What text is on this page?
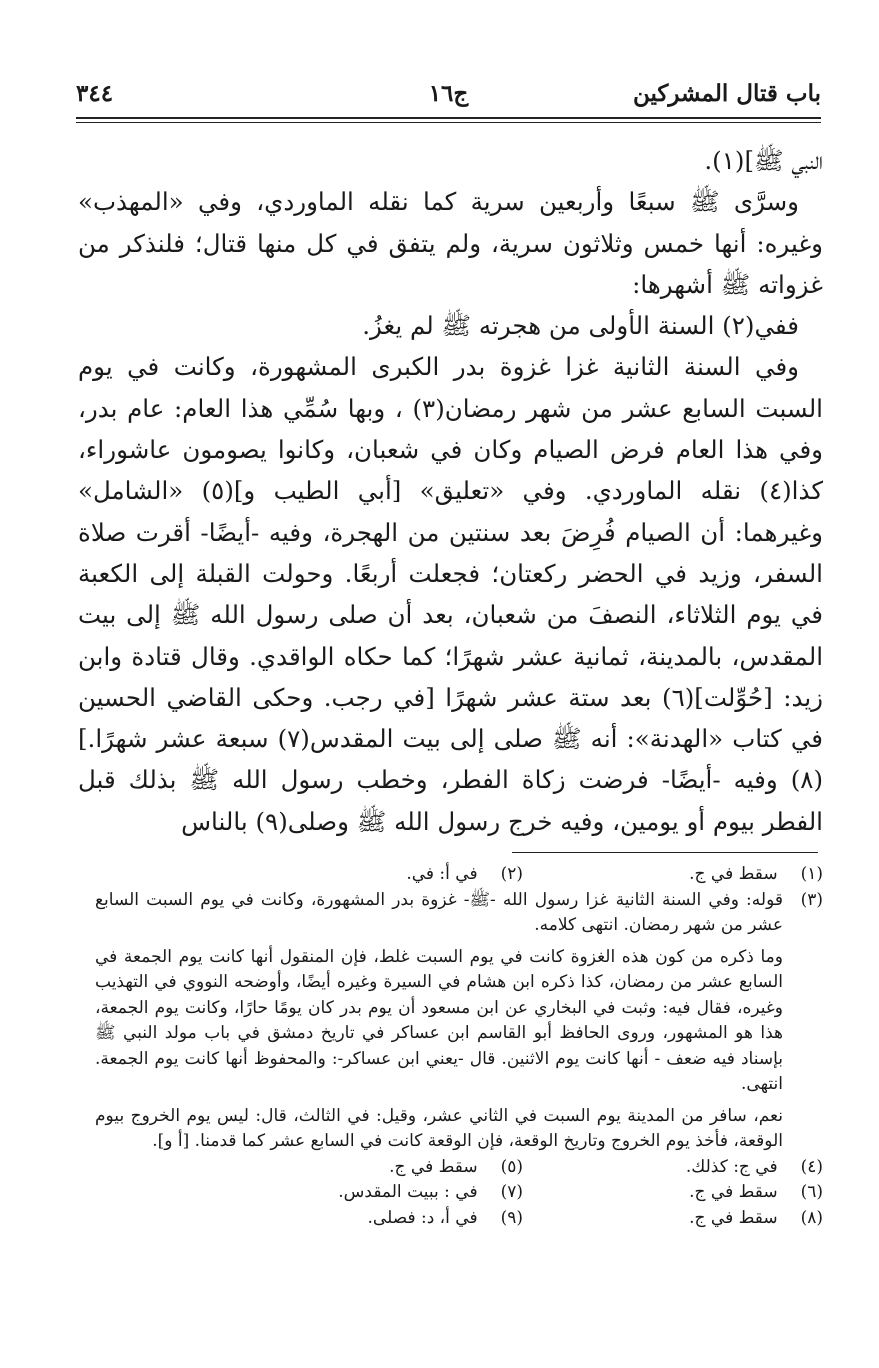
باب قتال المشركين
ج١٦
٣٤٤

النبي ﷺ](١).

وسرَّى ﷺ سبعًا وأربعين سرية كما نقله الماوردي، وفي «المهذب» وغيره: أنها خمس وثلاثون سرية، ولم يتفق في كل منها قتال؛ فلنذكر من غزواته ﷺ أشهرها:

ففي(٢) السنة الأولى من هجرته ﷺ لم يغزُ.

وفي السنة الثانية غزا غزوة بدر الكبرى المشهورة، وكانت في يوم السبت السابع عشر من شهر رمضان(٣) ، وبها سُمِّي هذا العام: عام بدر، وفي هذا العام فرض الصيام وكان في شعبان، وكانوا يصومون عاشوراء، كذا(٤) نقله الماوردي. وفي «تعليق» [أبي الطيب و](٥) «الشامل» وغيرهما: أن الصيام فُرِضَ بعد سنتين من الهجرة، وفيه -أيضًا- أقرت صلاة السفر، وزيد في الحضر ركعتان؛ فجعلت أربعًا. وحولت القبلة إلى الكعبة في يوم الثلاثاء، النصفَ من شعبان، بعد أن صلى رسول الله ﷺ إلى بيت المقدس، بالمدينة، ثمانية عشر شهرًا؛ كما حكاه الواقدي. وقال قتادة وابن زيد: [حُوِّلت](٦) بعد ستة عشر شهرًا [في رجب. وحكى القاضي الحسين في كتاب «الهدنة»: أنه ﷺ صلى إلى بيت المقدس(٧) سبعة عشر شهرًا.](٨) وفيه -أيضًا- فرضت زكاة الفطر، وخطب رسول الله ﷺ بذلك قبل الفطر بيوم أو يومين، وفيه خرج رسول الله ﷺ وصلى(٩) بالناس

(١) سقط في ج.
(٢) في أ: في.
(٣)

قوله: وفي السنة الثانية غزا رسول الله -ﷺ- غزوة بدر المشهورة، وكانت في يوم السبت السابع عشر من شهر رمضان. انتهى كلامه.

وما ذكره من كون هذه الغزوة كانت في يوم السبت غلط، فإن المنقول أنها كانت يوم الجمعة في السابع عشر من رمضان، كذا ذكره ابن هشام في السيرة وغيره أيضًا، وأوضحه النووي في التهذيب وغيره، فقال فيه: وثبت في البخاري عن ابن مسعود أن يوم بدر كان يومًا حارًا، وكانت يوم الجمعة، هذا هو المشهور، وروى الحافظ أبو القاسم ابن عساكر في تاريخ دمشق في باب مولد النبي ﷺ بإسناد فيه ضعف - أنها كانت يوم الاثنين. قال -يعني ابن عساكر-: والمحفوظ أنها كانت يوم الجمعة. انتهى.

نعم، سافر من المدينة يوم السبت في الثاني عشر، وقيل: في الثالث، قال: ليس يوم الخروج بيوم الوقعة، فأخذ يوم الخروج وتاريخ الوقعة، فإن الوقعة كانت في السابع عشر كما قدمنا. [أ و].

(٤) في ج: كذلك.
(٥) سقط في ج.
(٦) سقط في ج.
(٧) في : ببيت المقدس.
(٨) سقط في ج.
(٩) في أ، د: فصلى.
